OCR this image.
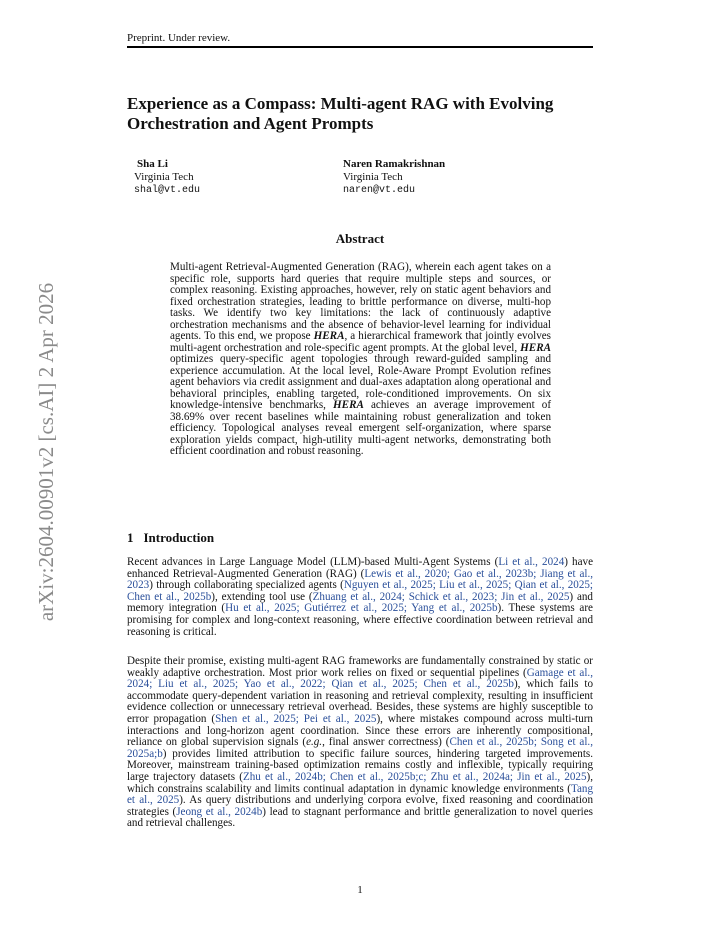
Preprint. Under review.
arXiv:2604.00901v2 [cs.AI] 2 Apr 2026
Experience as a Compass: Multi-agent RAG with Evolving
Orchestration and Agent Prompts
Sha Li
Virginia Tech
shal@vt.edu
Naren Ramakrishnan
Virginia Tech
naren@vt.edu
Abstract
Multi-agent Retrieval-Augmented Generation (RAG), wherein each agent takes on a specific role, supports hard queries that require multiple steps and sources, or complex reasoning. Existing approaches, however, rely on static agent behaviors and fixed orchestration strategies, leading to brittle performance on diverse, multi-hop tasks. We identify two key limitations: the lack of continuously adaptive orchestration mechanisms and the absence of behavior-level learning for individual agents. To this end, we propose HERA, a hierarchical framework that jointly evolves multi-agent orchestration and role-specific agent prompts. At the global level, HERA optimizes query-specific agent topologies through reward-guided sampling and experience accumulation. At the local level, Role-Aware Prompt Evolution refines agent behaviors via credit assignment and dual-axes adaptation along operational and behavioral principles, enabling targeted, role-conditioned improvements. On six knowledge-intensive benchmarks, HERA achieves an average improvement of 38.69% over recent baselines while maintaining robust generalization and token efficiency. Topological analyses reveal emergent self-organization, where sparse exploration yields compact, high-utility multi-agent networks, demonstrating both efficient coordination and robust reasoning.
1 Introduction

Recent advances in Large Language Model (LLM)-based Multi-Agent Systems (Li et al., 2024) have enhanced Retrieval-Augmented Generation (RAG) (Lewis et al., 2020; Gao et al., 2023b; Jiang et al., 2023) through collaborating specialized agents (Nguyen et al., 2025; Liu et al., 2025; Qian et al., 2025; Chen et al., 2025b), extending tool use (Zhuang et al., 2024; Schick et al., 2023; Jin et al., 2025) and memory integration (Hu et al., 2025; Gutiérrez et al., 2025; Yang et al., 2025b). These systems are promising for complex and long-context reasoning, where effective coordination between retrieval and reasoning is critical.

Despite their promise, existing multi-agent RAG frameworks are fundamentally constrained by static or weakly adaptive orchestration. Most prior work relies on fixed or sequential pipelines (Gamage et al., 2024; Liu et al., 2025; Yao et al., 2022; Qian et al., 2025; Chen et al., 2025b), which fails to accommodate query-dependent variation in reasoning and retrieval complexity, resulting in insufficient evidence collection or unnecessary retrieval overhead. Besides, these systems are highly susceptible to error propagation (Shen et al., 2025; Pei et al., 2025), where mistakes compound across multi-turn interactions and long-horizon agent coordination. Since these errors are inherently compositional, reliance on global supervision signals (e.g., final answer correctness) (Chen et al., 2025b; Song et al., 2025a;b) provides limited attribution to specific failure sources, hindering targeted improvements. Moreover, mainstream training-based optimization remains costly and inflexible, typically requiring large trajectory datasets (Zhu et al., 2024b; Chen et al., 2025b;c; Zhu et al., 2024a; Jin et al., 2025), which constrains scalability and limits continual adaptation in dynamic knowledge environments (Tang et al., 2025). As query distributions and underlying corpora evolve, fixed reasoning and coordination strategies (Jeong et al., 2024b) lead to stagnant performance and brittle generalization to novel queries and retrieval challenges.

1
